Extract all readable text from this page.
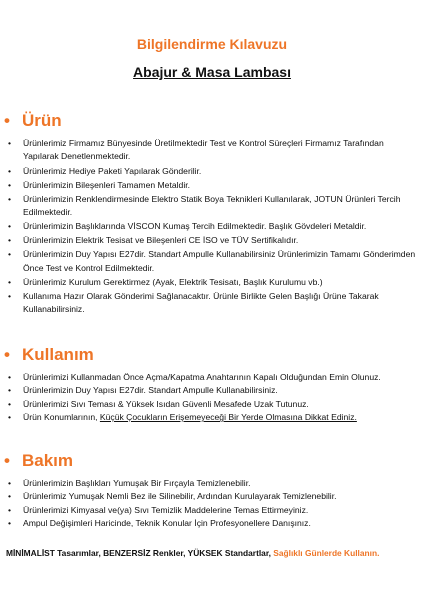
Bilgilendirme Kılavuzu
Abajur & Masa Lambası
• Ürün
• Ürünlerimiz Firmamız Bünyesinde Üretilmektedir Test ve Kontrol Süreçleri Firmamız Tarafından Yapılarak Denetlenmektedir.
• Ürünlerimiz Hediye Paketi Yapılarak Gönderilir.
• Ürünlerimizin Bileşenleri Tamamen Metaldir.
• Ürünlerimizin Renklendirmesinde Elektro Statik Boya Teknikleri Kullanılarak, JOTUN Ürünleri Tercih Edilmektedir.
• Ürünlerimizin Başlıklarında VİSCON Kumaş Tercih Edilmektedir. Başlık Gövdeleri Metaldir.
• Ürünlerimizin Elektrik Tesisat ve Bileşenleri CE İSO ve TÜV Sertifikalıdır.
• Ürünlerimizin Duy Yapısı E27dir. Standart Ampulle Kullanabilirsiniz Ürünlerimizin Tamamı Gönderimden Önce Test ve Kontrol Edilmektedir.
• Ürünlerimiz Kurulum Gerektirmez (Ayak, Elektrik Tesisatı, Başlık Kurulumu vb.)
• Kullanıma Hazır Olarak Gönderimi Sağlanacaktır. Ürünle Birlikte Gelen Başlığı Ürüne Takarak Kullanabilirsiniz.
• Kullanım
• Ürünlerimizi Kullanmadan Önce Açma/Kapatma Anahtarının Kapalı Olduğundan Emin Olunuz.
• Ürünlerimizin Duy Yapısı E27dir. Standart Ampulle Kullanabilirsiniz.
• Ürünlerimizi Sıvı Teması & Yüksek Isıdan Güvenli Mesafede Uzak Tutunuz.
• Ürün Konumlarının, Küçük Çocukların Erişemeyeceği Bir Yerde Olmasına Dikkat Ediniz.
• Bakım
• Ürünlerimizin Başlıkları Yumuşak Bir Fırçayla Temizlenebilir.
• Ürünlerimiz Yumuşak Nemli Bez ile Silinebilir, Ardından Kurulayarak Temizlenebilir.
• Ürünlerimizi Kimyasal ve(ya) Sıvı Temizlik Maddelerine Temas Ettirmeyiniz.
• Ampul Değişimleri Haricinde, Teknik Konular İçin Profesyonellere Danışınız.
MİNİMALİST Tasarımlar, BENZERSİZ Renkler, YÜKSEK Standartlar, Sağlıklı Günlerde Kullanın.
